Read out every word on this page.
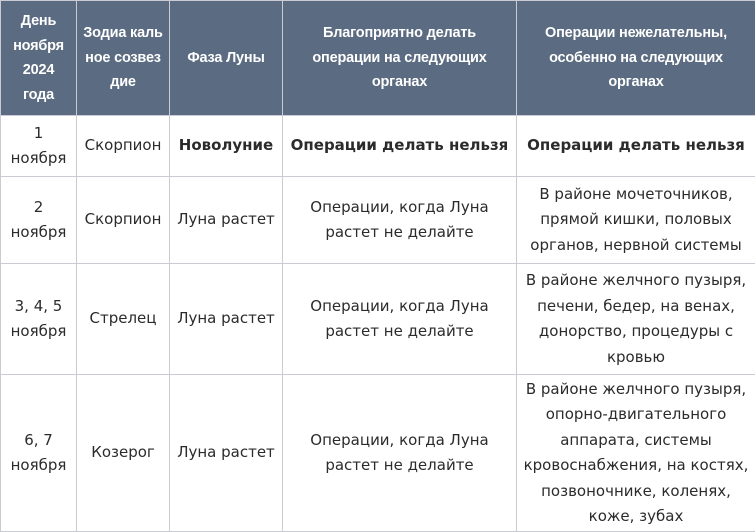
День ноября 2024 года	Зодиа кальное созвездие	Фаза Луны	Благоприятно делать операции на следующих органах	Операции нежелательны, особенно на следующих органах

1 ноября	Скорпион	Новолуние	Операции делать нельзя	Операции делать нельзя

2 ноября	Скорпион	Луна растет	Операции, когда Луна растет не делайте	В районе мочеточников, прямой кишки, половых органов, нервной системы

3, 4, 5 ноября	Стрелец	Луна растет	Операции, когда Луна растет не делайте	В районе желчного пузыря, печени, бедер, на венах, донорство, процедуры с кровью

6, 7 ноября	Козерог	Луна растет	Операции, когда Луна растет не делайте	В районе желчного пузыря, опорно-двигательного аппарата, системы кровоснабжения, на костях, позвоночнике, коленях, коже, зубах
